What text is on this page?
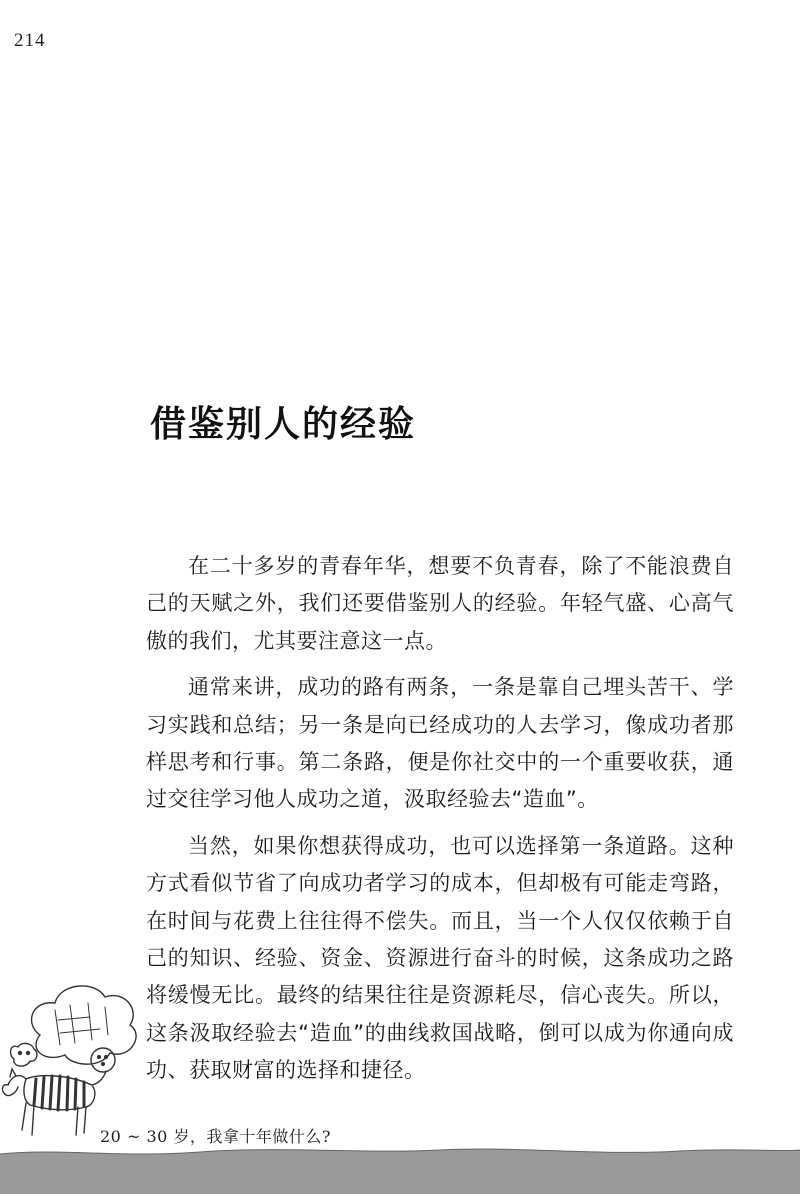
214
借鉴别人的经验

在二十多岁的青春年华，想要不负青春，除了不能浪费自己的天赋之外，我们还要借鉴别人的经验。年轻气盛、心高气傲的我们，尤其要注意这一点。

通常来讲，成功的路有两条，一条是靠自己埋头苦干、学习实践和总结；另一条是向已经成功的人去学习，像成功者那样思考和行事。第二条路，便是你社交中的一个重要收获，通过交往学习他人成功之道，汲取经验去“造血”。

当然，如果你想获得成功，也可以选择第一条道路。这种方式看似节省了向成功者学习的成本，但却极有可能走弯路，在时间与花费上往往得不偿失。而且，当一个人仅仅依赖于自己的知识、经验、资金、资源进行奋斗的时候，这条成功之路将缓慢无比。最终的结果往往是资源耗尽，信心丧失。所以，这条汲取经验去“造血”的曲线救国战略，倒可以成为你通向成功、获取财富的选择和捷径。

20 ~ 30 岁，我拿十年做什么?
